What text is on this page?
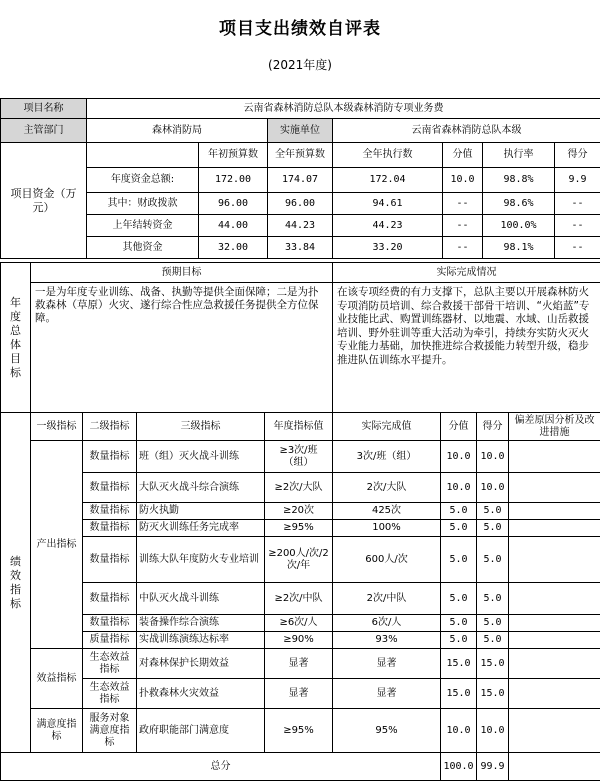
项目支出绩效自评表
(2021年度)
项目名称	云南省森林消防总队本级森林消防专项业务费						
主管部门	森林消防局		实施单位	云南省森林消防总队本级			
项目资金（万元）		年初预算数	全年预算数	全年执行数	分值	执行率	得分
	年度资金总额:	172.00	174.07	172.04	10.0	98.8%	9.9
	其中：财政拨款	96.00	96.00	94.61	--	98.6%	--
	上年结转资金	44.00	44.23	44.23	--	100.0%	--
	其他资金	32.00	33.84	33.20	--	98.1%	--
年度总体目标	预期目标	实际完成情况
	一是为年度专业训练、战备、执勤等提供全面保障；二是为扑救森林（草原）火灾、遂行综合性应急救援任务提供全方位保障。	在该专项经费的有力支撑下，总队主要以开展森林防火专项消防员培训、综合救援干部骨干培训、“火焰蓝”专业技能比武、购置训练器材、以地震、水域、山岳救援培训、野外驻训等重大活动为牵引，持续夯实防火灭火专业能力基础，加快推进综合救援能力转型升级，稳步推进队伍训练水平提升。
绩效指标	一级指标	二级指标	三级指标	年度指标值	实际完成值	分值	得分	偏差原因分析及改进措施
	产出指标	数量指标	班（组）灭火战斗训练	≥3次/班（组）	3次/班（组）	10.0	10.0	
		数量指标	大队灭火战斗综合演练	≥2次/大队	2次/大队	10.0	10.0	
		数量指标	防火执勤	≥20次	425次	5.0	5.0	
		数量指标	防灭火训练任务完成率	≥95%	100%	5.0	5.0	
		数量指标	训练大队年度防火专业培训	≥200人/次/2次/年	600人/次	5.0	5.0	
		数量指标	中队灭火战斗训练	≥2次/中队	2次/中队	5.0	5.0	
		数量指标	装备操作综合演练	≥6次/人	6次/人	5.0	5.0	
		质量指标	实战训练演练达标率	≥90%	93%	5.0	5.0	
	效益指标	生态效益指标	对森林保护长期效益	显著	显著	15.0	15.0	
		生态效益指标	扑救森林火灾效益	显著	显著	15.0	15.0	
	满意度指标	服务对象满意度指标	政府职能部门满意度	≥95%	95%	10.0	10.0	
总分						100.0	99.9	
